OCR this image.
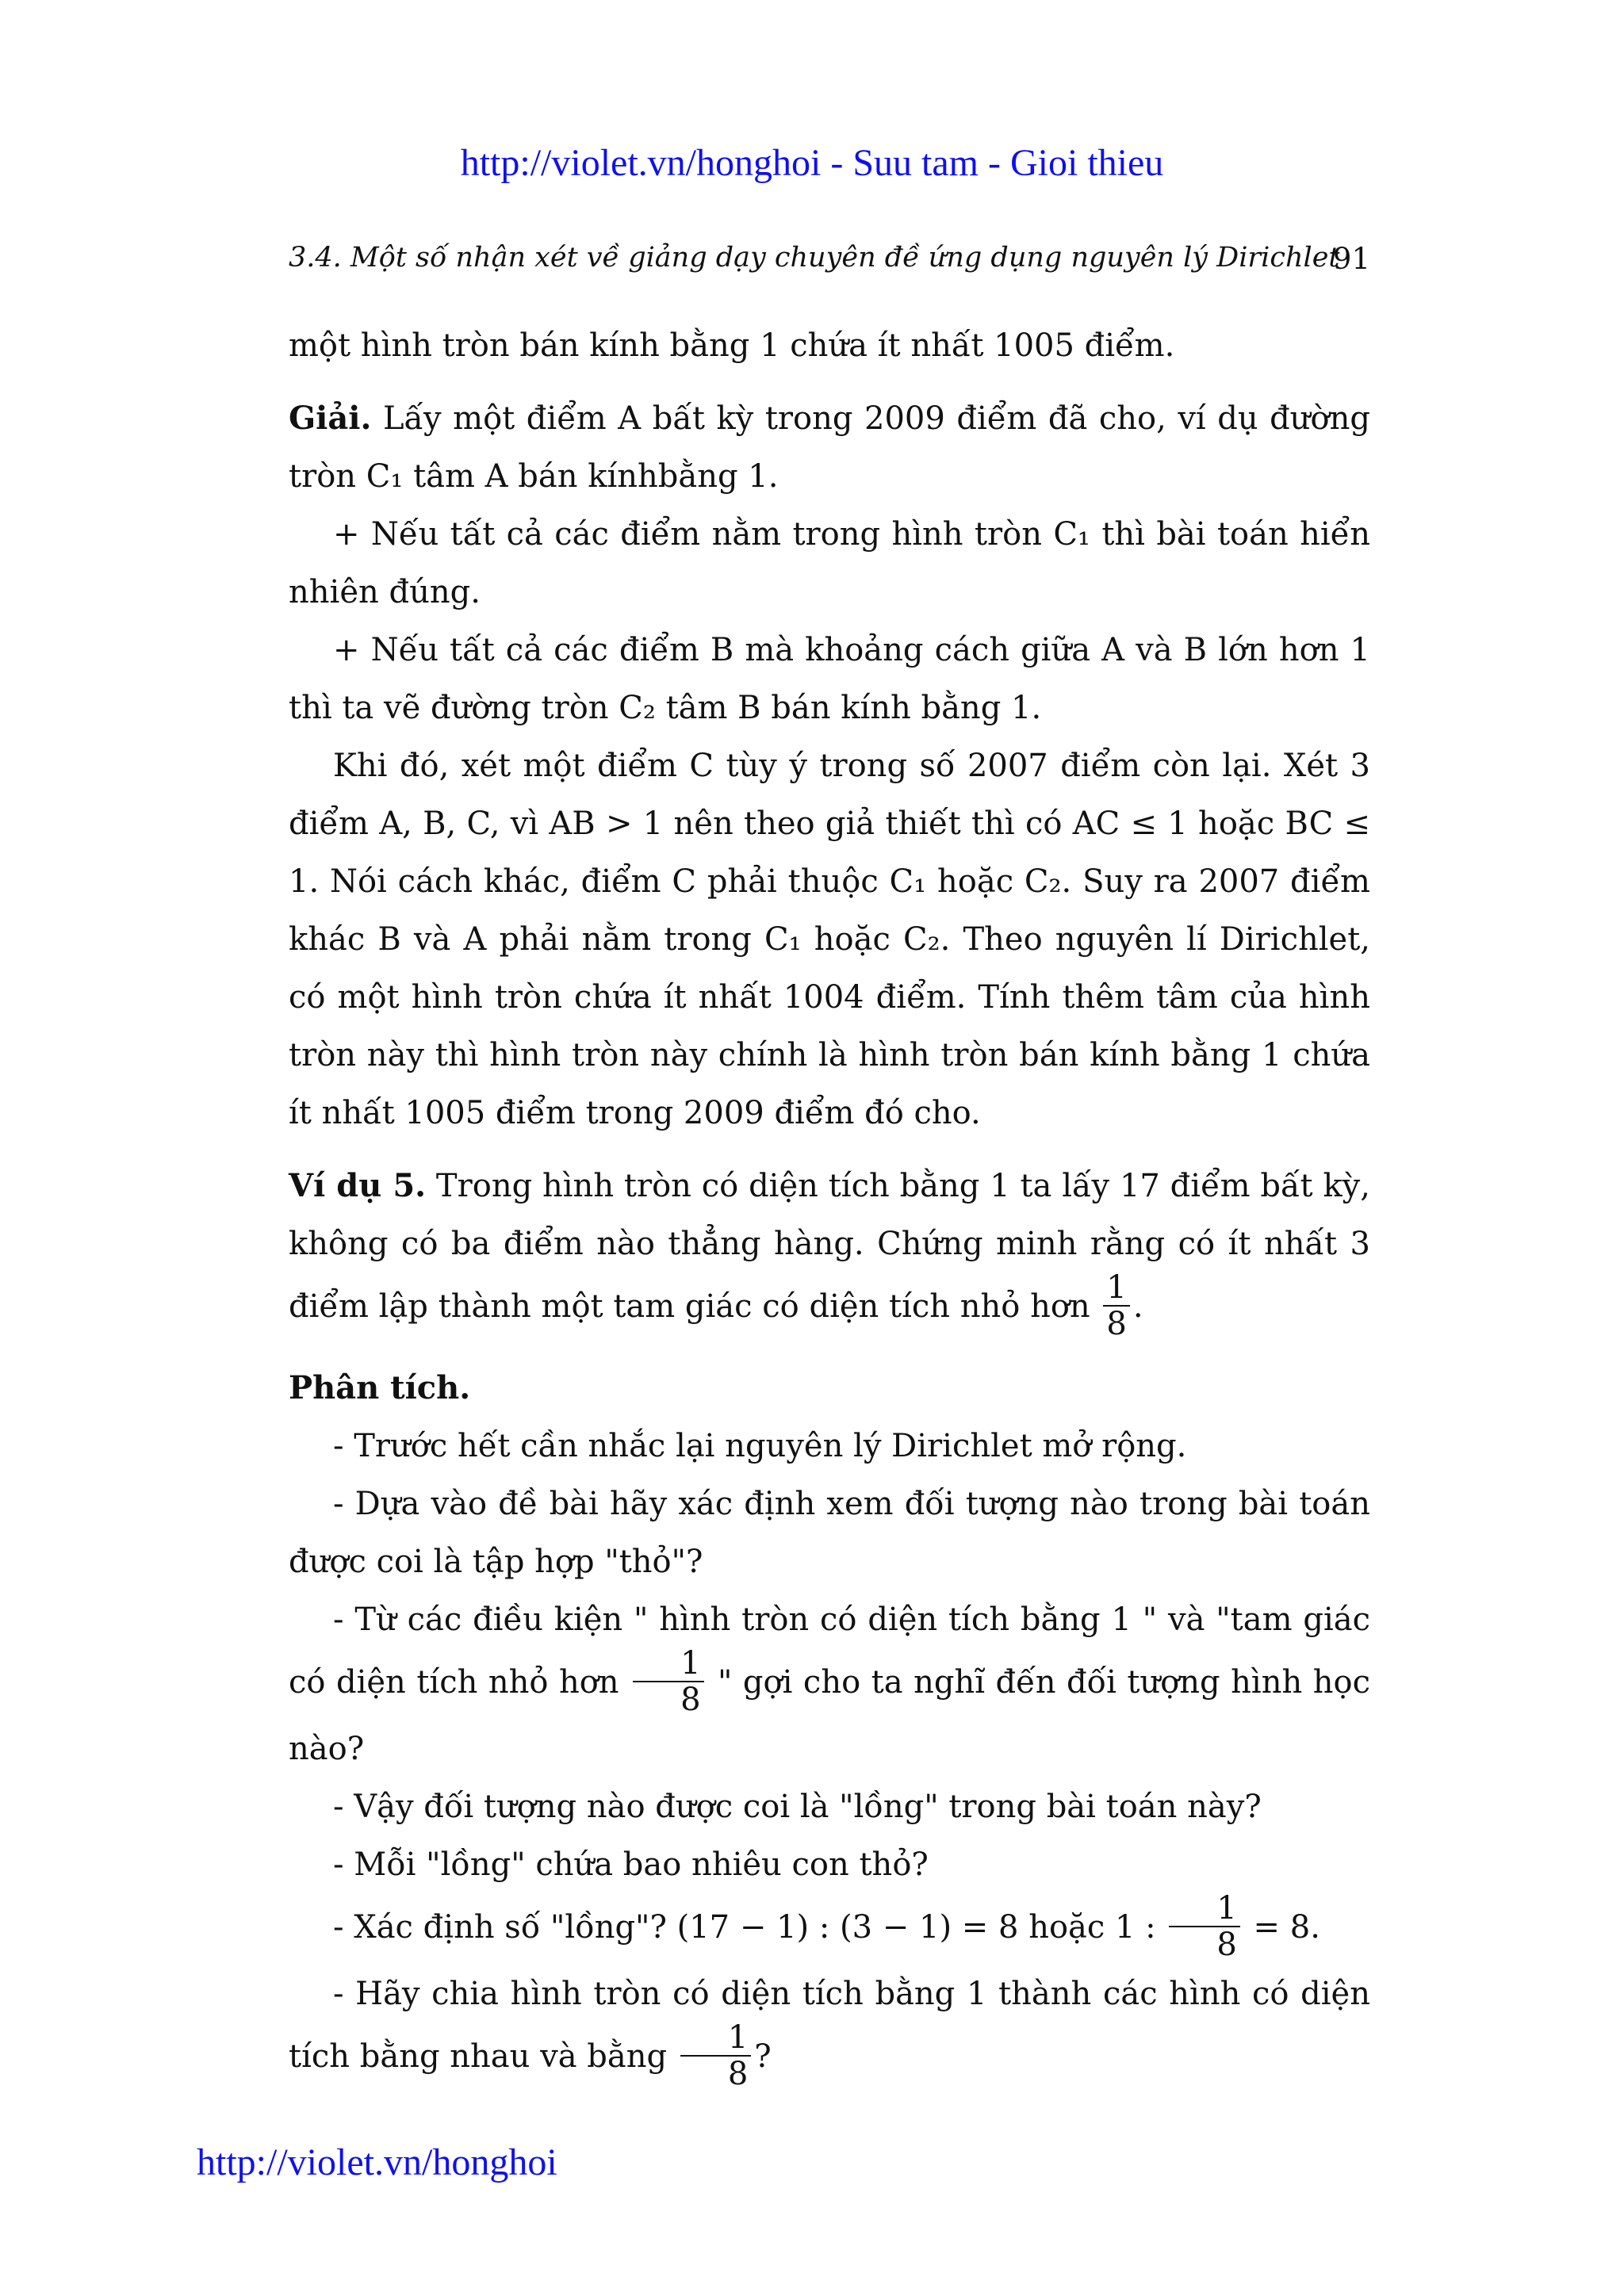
http://violet.vn/honghoi - Suu tam - Gioi thieu
3.4. Một số nhận xét về giảng dạy chuyên đề ứng dụng nguyên lý Dirichlet
91

một hình tròn bán kính bằng 1 chứa ít nhất 1005 điểm.

Giải. Lấy một điểm A bất kỳ trong 2009 điểm đã cho, ví dụ đường tròn C₁ tâm A bán kínhbằng 1.

+ Nếu tất cả các điểm nằm trong hình tròn C₁ thì bài toán hiển nhiên đúng.

+ Nếu tất cả các điểm B mà khoảng cách giữa A và B lớn hơn 1 thì ta vẽ đường tròn C₂ tâm B bán kính bằng 1.

Khi đó, xét một điểm C tùy ý trong số 2007 điểm còn lại. Xét 3 điểm A, B, C, vì AB > 1 nên theo giả thiết thì có AC ≤ 1 hoặc BC ≤ 1. Nói cách khác, điểm C phải thuộc C₁ hoặc C₂. Suy ra 2007 điểm khác B và A phải nằm trong C₁ hoặc C₂. Theo nguyên lí Dirichlet, có một hình tròn chứa ít nhất 1004 điểm. Tính thêm tâm của hình tròn này thì hình tròn này chính là hình tròn bán kính bằng 1 chứa ít nhất 1005 điểm trong 2009 điểm đó cho.

Ví dụ 5. Trong hình tròn có diện tích bằng 1 ta lấy 17 điểm bất kỳ, không có ba điểm nào thẳng hàng. Chứng minh rằng có ít nhất 3 điểm lập thành một tam giác có diện tích nhỏ hơn $\frac{1}{8}$ .

Phân tích.

- Trước hết cần nhắc lại nguyên lý Dirichlet mở rộng.

- Dựa vào đề bài hãy xác định xem đối tượng nào trong bài toán được coi là tập hợp "thỏ"?

- Từ các điều kiện " hình tròn có diện tích bằng 1 " và "tam giác có diện tích nhỏ hơn $\frac{1}{8}$ " gợi cho ta nghĩ đến đối tượng hình học nào?

- Vậy đối tượng nào được coi là "lồng" trong bài toán này?

- Mỗi "lồng" chứa bao nhiêu con thỏ?

- Xác định số "lồng"? (17 − 1) : (3 − 1) = 8 hoặc 1 : $\frac{1}{8} = 8$.

- Hãy chia hình tròn có diện tích bằng 1 thành các hình có diện tích bằng nhau và bằng $\frac{1}{8}$ ?

http://violet.vn/honghoi
